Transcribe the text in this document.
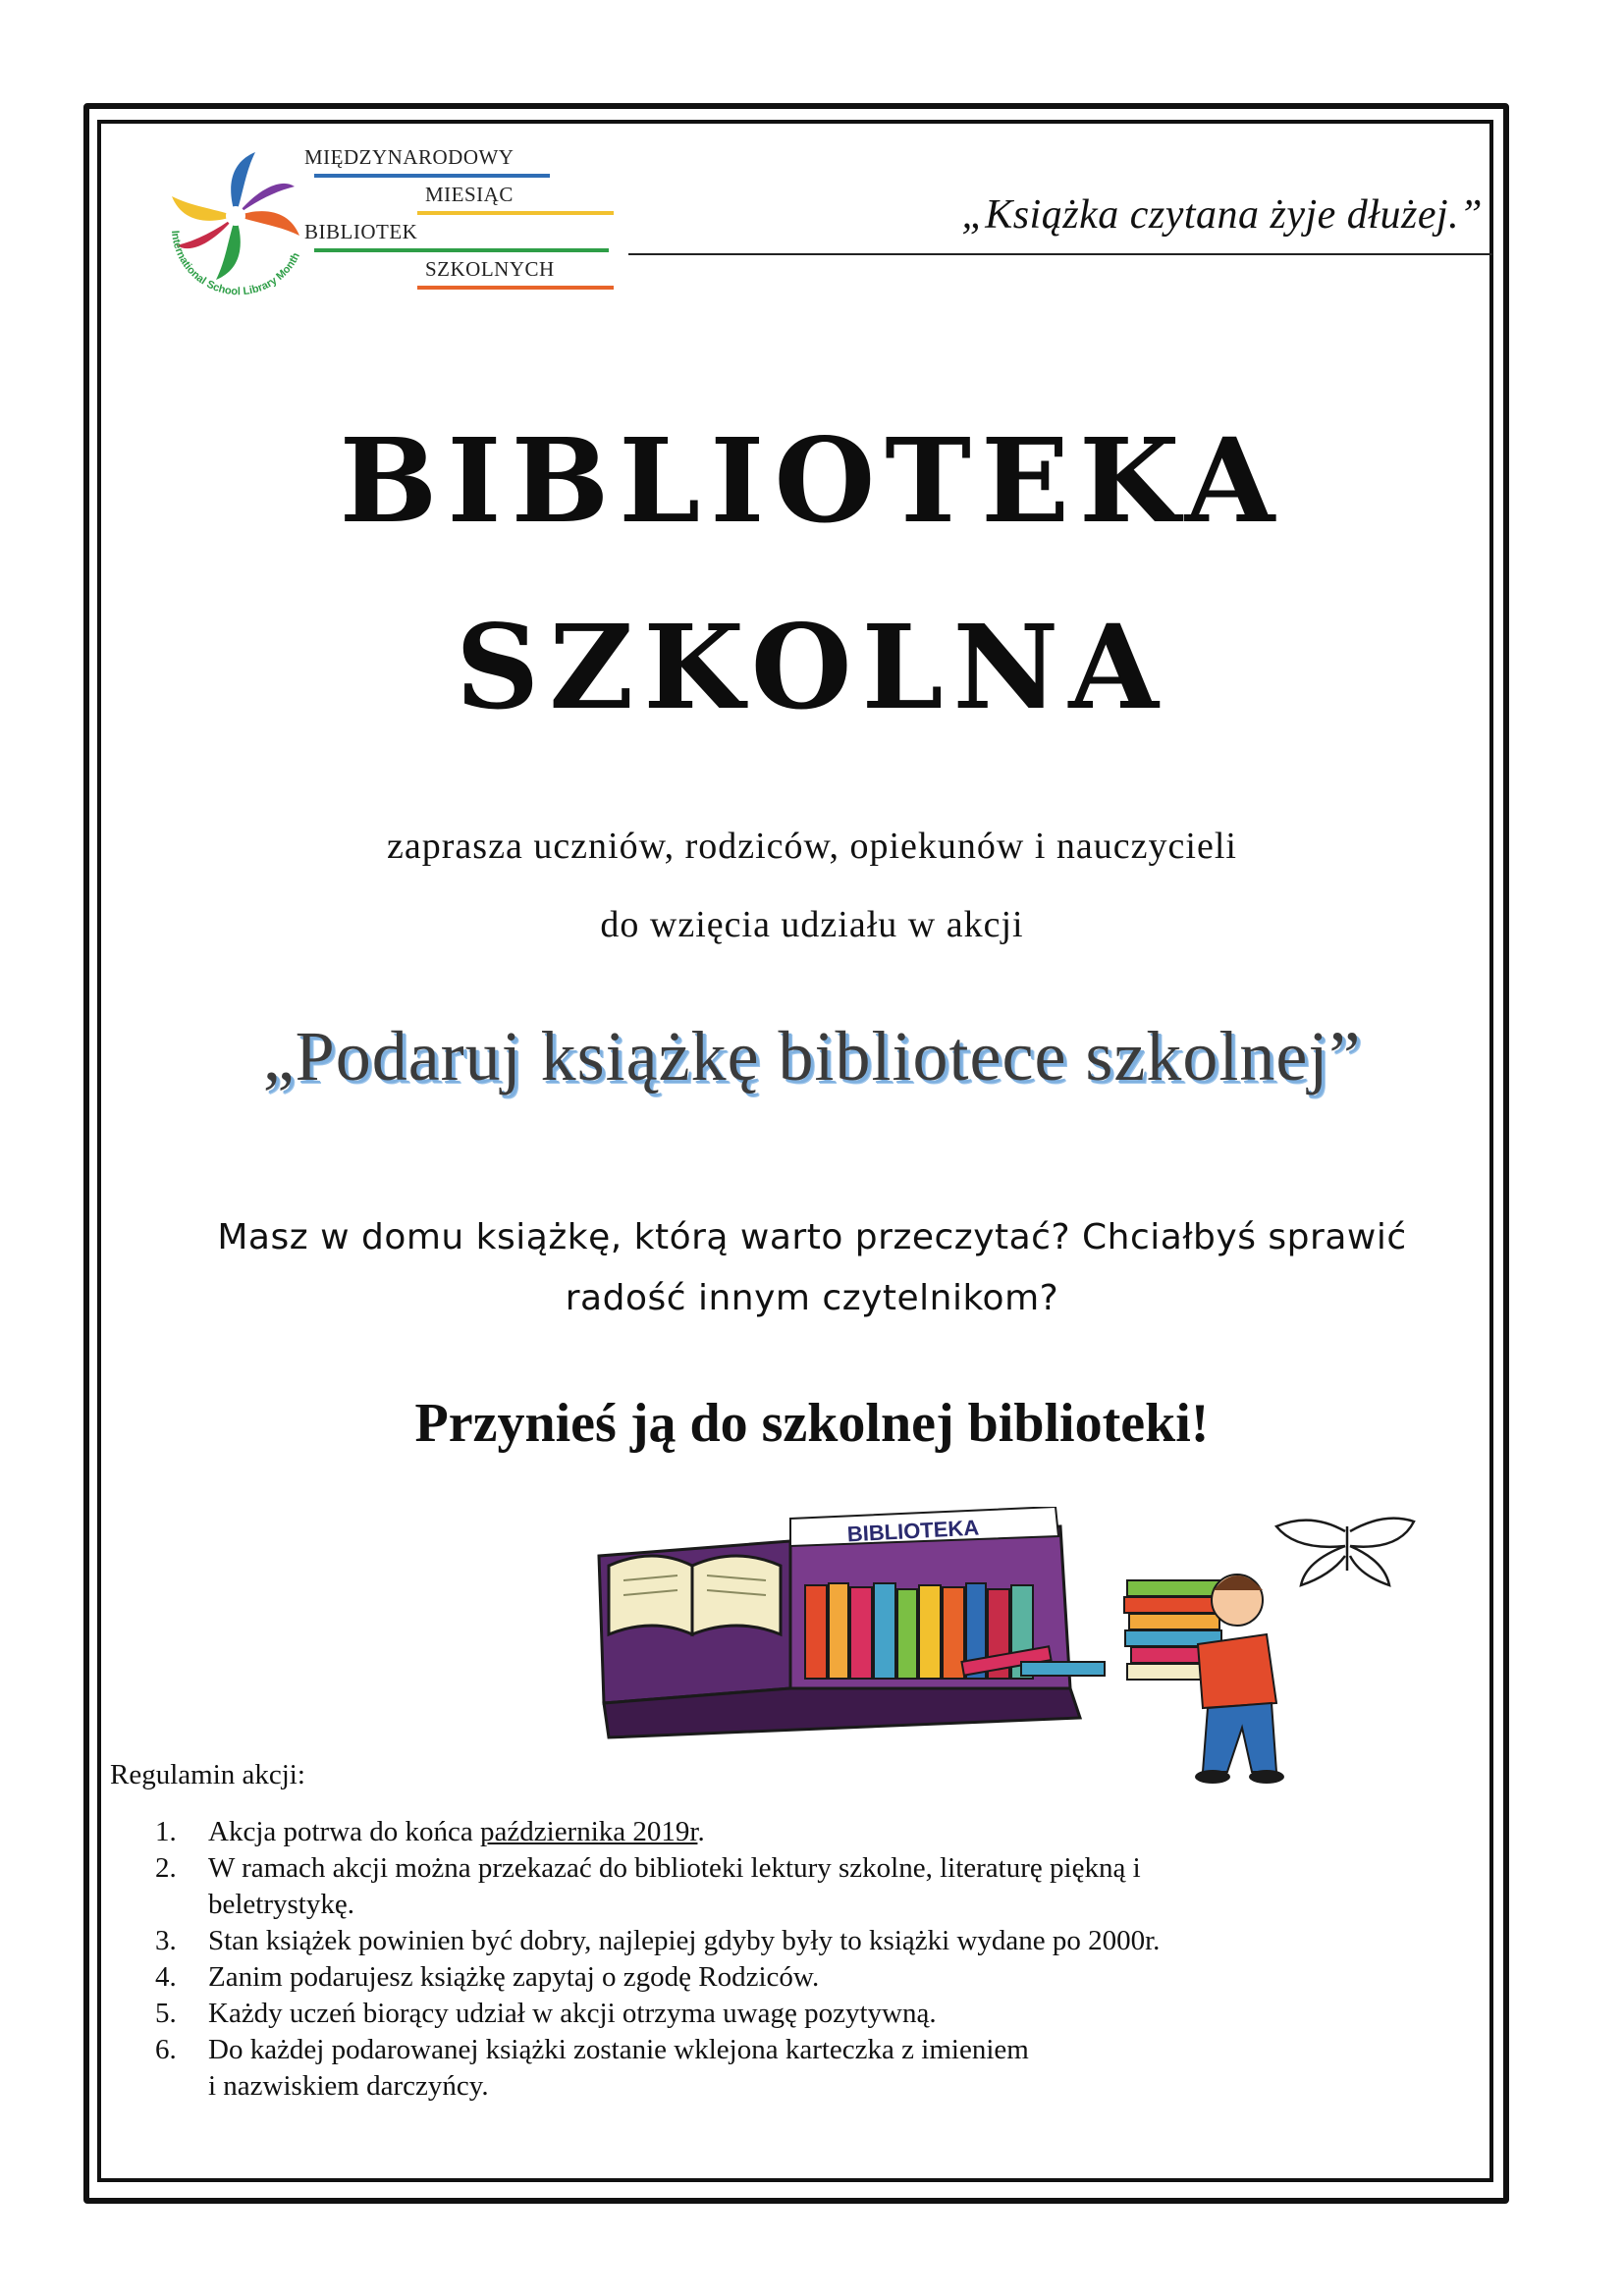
International School Library Month
MIĘDZYNARODOWY
MIESIĄC
BIBLIOTEK
SZKOLNYCH
„Książka czytana żyje dłużej.”
BIBLIOTEKA
SZKOLNA
zaprasza uczniów, rodziców, opiekunów i nauczycieli
do wzięcia udziału w akcji
„Podaruj książkę bibliotece szkolnej”
Masz w domu książkę, którą warto przeczytać? Chciałbyś sprawić
radość innym czytelnikom?
Przynieś ją do szkolnej biblioteki!
BIBLIOTEKA
Regulamin akcji:
1. Akcja potrwa do końca października 2019r.
2. W ramach akcji można przekazać do biblioteki lektury szkolne, literaturę piękną i
beletrystykę.
3. Stan książek powinien być dobry, najlepiej gdyby były to książki wydane po 2000r.
4. Zanim podarujesz książkę zapytaj o zgodę Rodziców.
5. Każdy uczeń biorący udział w akcji otrzyma uwagę pozytywną.
6. Do każdej podarowanej książki zostanie wklejona karteczka z imieniem
i nazwiskiem darczyńcy.
